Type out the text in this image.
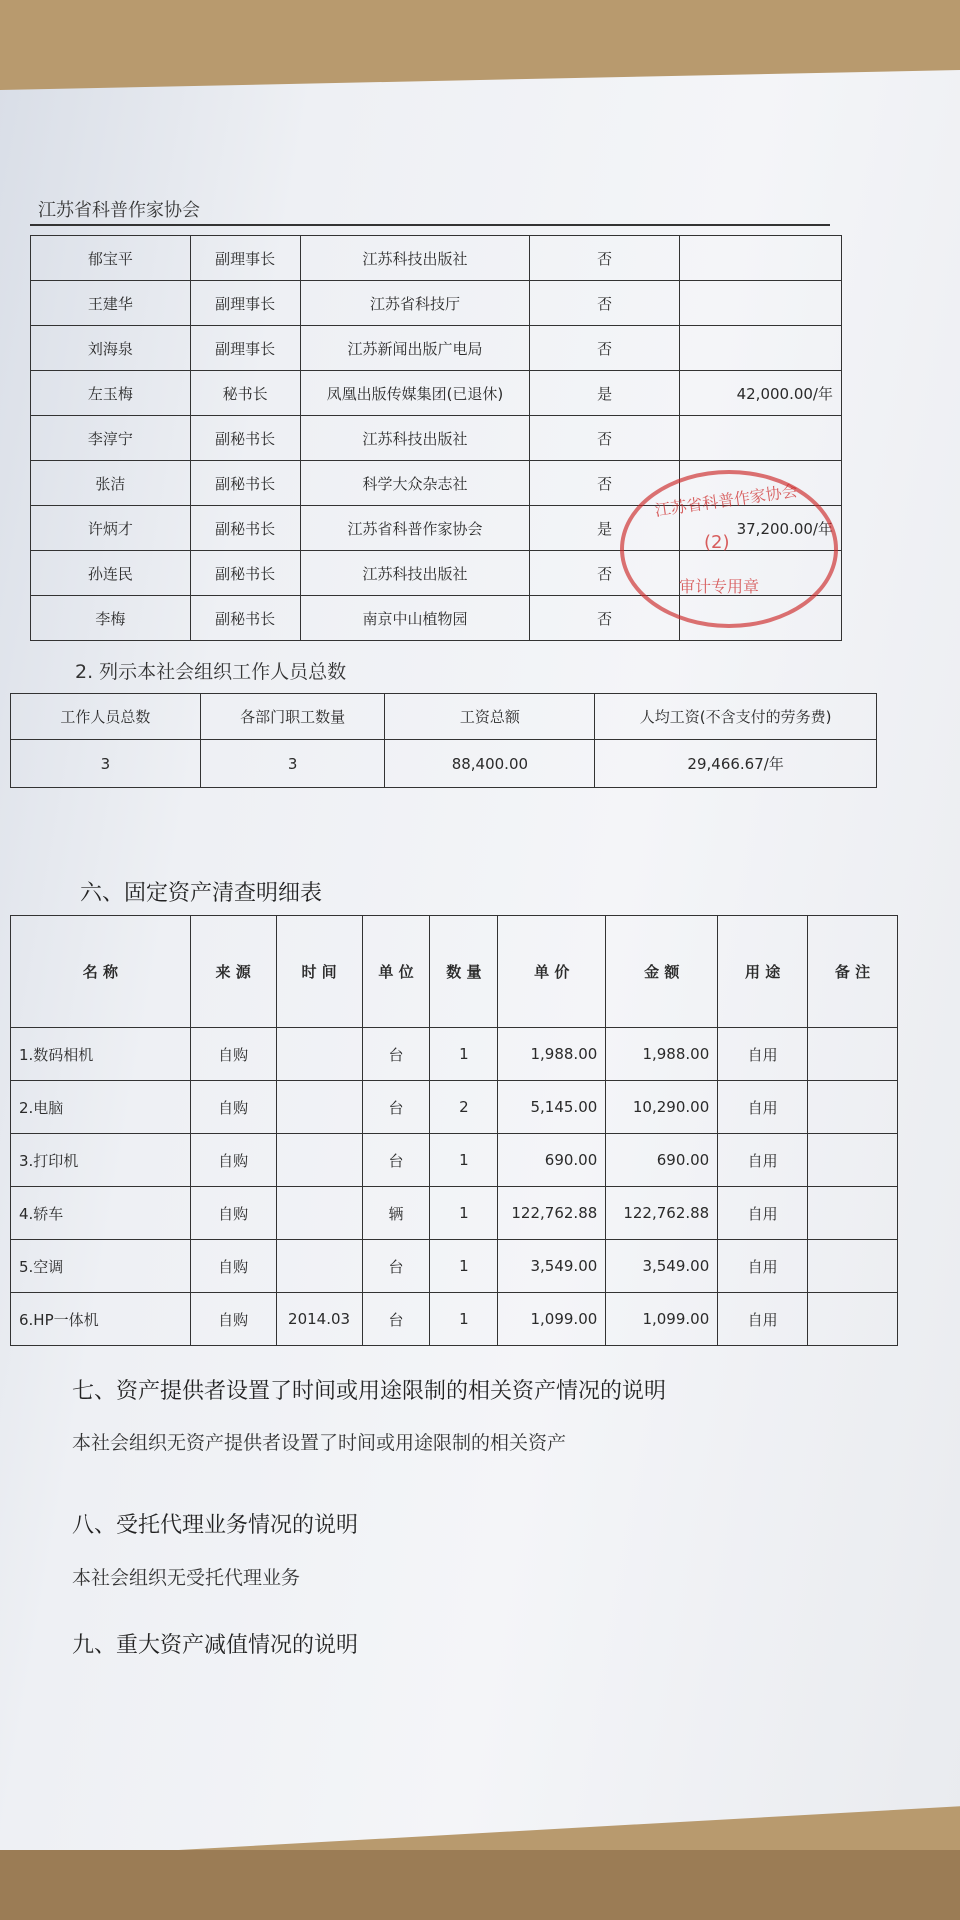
江苏省科普作家协会
郁宝平	副理事长	江苏科技出版社	否	
王建华	副理事长	江苏省科技厅	否	
刘海泉	副理事长	江苏新闻出版广电局	否	
左玉梅	秘书长	凤凰出版传媒集团(已退休)	是	42,000.00/年
李淳宁	副秘书长	江苏科技出版社	否	
张洁	副秘书长	科学大众杂志社	否	
许炳才	副秘书长	江苏省科普作家协会	是	37,200.00/年
孙连民	副秘书长	江苏科技出版社	否	
李梅	副秘书长	南京中山植物园	否	
2. 列示本社会组织工作人员总数
工作人员总数	各部门职工数量	工资总额	人均工资(不含支付的劳务费)
3	3	88,400.00	29,466.67/年
六、固定资产清查明细表
名 称	来 源	时 间	单 位	数 量	单 价	金 额	用 途	备 注
1.数码相机	自购		台	1	1,988.00	1,988.00	自用	
2.电脑	自购		台	2	5,145.00	10,290.00	自用	
3.打印机	自购		台	1	690.00	690.00	自用	
4.轿车	自购		辆	1	122,762.88	122,762.88	自用	
5.空调	自购		台	1	3,549.00	3,549.00	自用	
6.HP一体机	自购	2014.03	台	1	1,099.00	1,099.00	自用	
七、资产提供者设置了时间或用途限制的相关资产情况的说明
本社会组织无资产提供者设置了时间或用途限制的相关资产
八、受托代理业务情况的说明
本社会组织无受托代理业务
九、重大资产减值情况的说明
江苏省科普作家协会
(2)
审计专用章
